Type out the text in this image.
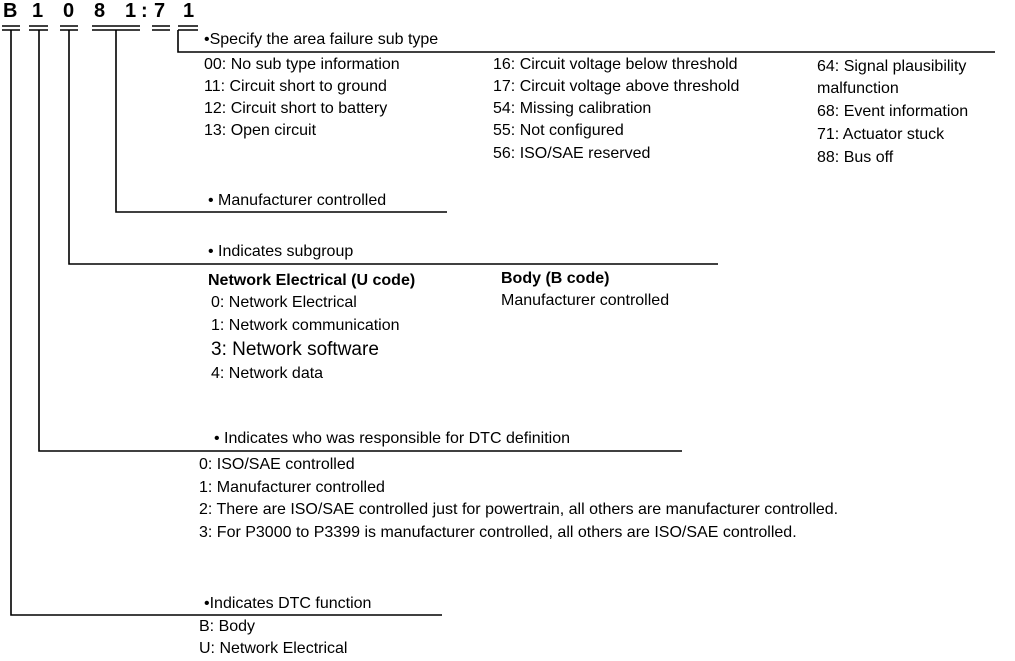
B 1 0 8 1 : 7 1
•Specify the area failure sub type
00: No sub type information
11: Circuit short to ground
12: Circuit short to battery
13: Open circuit
16: Circuit voltage below threshold
17: Circuit voltage above threshold
54: Missing calibration
55: Not configured
56: ISO/SAE reserved
64: Signal plausibility
malfunction
68: Event information
71: Actuator stuck
88: Bus off
• Manufacturer controlled
• Indicates subgroup
Network Electrical (U code)
0: Network Electrical
1: Network communication
3: Network software
4: Network data
Body (B code)
Manufacturer controlled
• Indicates who was responsible for DTC definition
0: ISO/SAE controlled
1: Manufacturer controlled
2: There are ISO/SAE controlled just for powertrain, all others are manufacturer controlled.
3: For P3000 to P3399 is manufacturer controlled, all others are ISO/SAE controlled.
•Indicates DTC function
B: Body
U: Network Electrical
